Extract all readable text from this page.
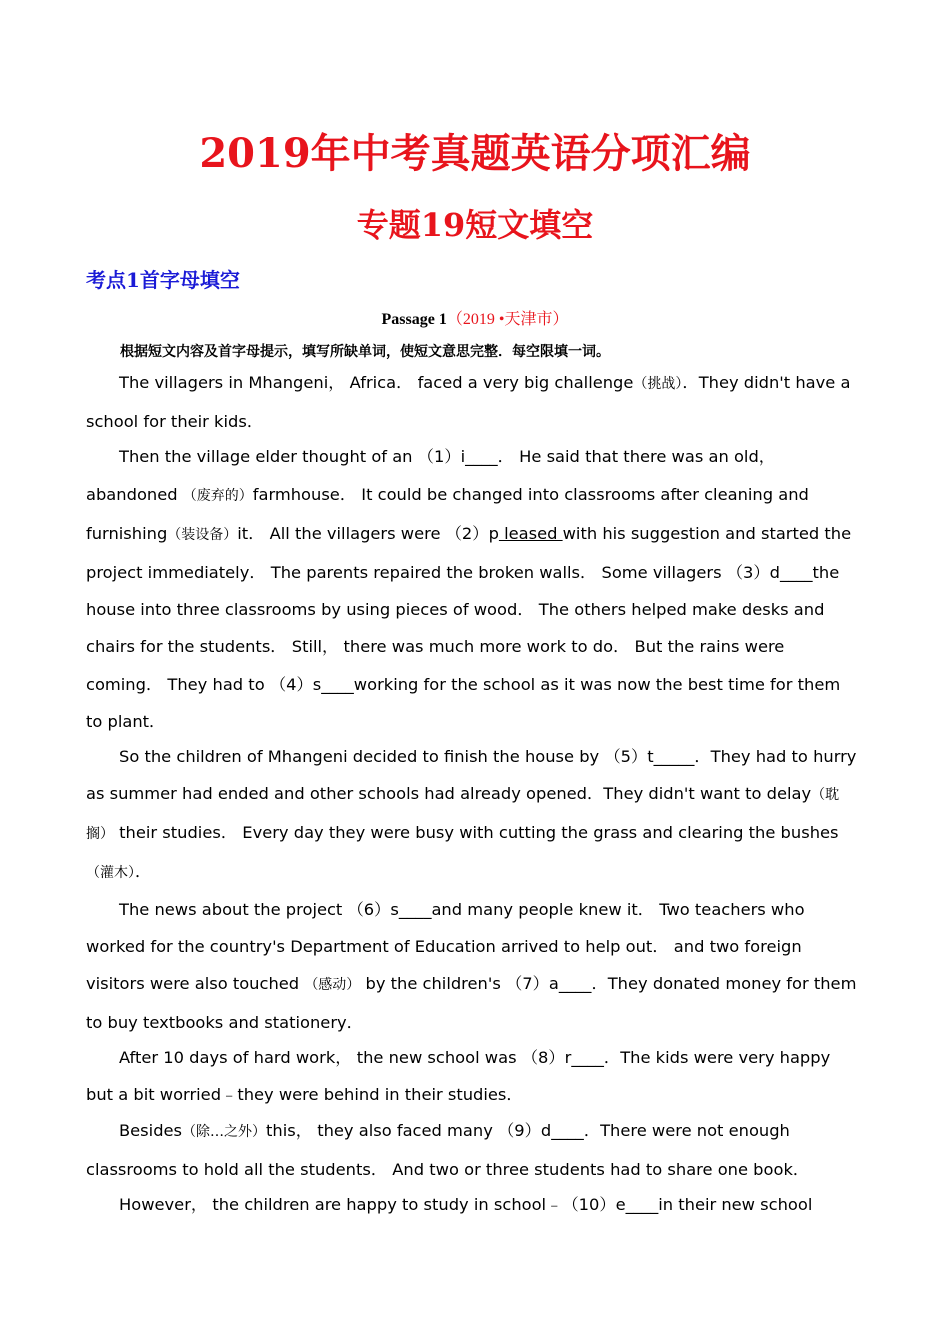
2019年中考真题英语分项汇编
专题19短文填空
考点1首字母填空
Passage 1（2019 •天津市）
根据短文内容及首字母提示，填写所缺单词，使短文意思完整．每空限填一词。

The villagers in Mhangeni， Africa． faced a very big challenge（挑战）．They didn't have a school for their kids．

Then the village elder thought of an （1）i____． He said that there was an old，abandoned （废弃的）farmhouse． It could be changed into classrooms after cleaning and furnishing（装设备）it． All the villagers were （2）p leased with his suggestion and started the project immediately． The parents repaired the broken walls． Some villagers （3）d____the house into three classrooms by using pieces of wood． The others helped make desks and chairs for the students． Still， there was much more work to do． But the rains were coming． They had to （4）s____working for the school as it was now the best time for them to plant．

So the children of Mhangeni decided to finish the house by （5）t_____．They had to hurry as summer had ended and other schools had already opened．They didn't want to delay（耽搁） their studies． Every day they were busy with cutting the grass and clearing the bushes（灌木）．

The news about the project （6）s____and many people knew it． Two teachers who worked for the country's Department of Education arrived to help out． and two foreign visitors were also touched （感动） by the children's （7）a____．They donated money for them to buy textbooks and stationery．

After 10 days of hard work， the new school was （8）r____．The kids were very happy but a bit worried﹣they were behind in their studies．

Besides（除…之外）this， they also faced many （9）d____．There were not enough classrooms to hold all the students． And two or three students had to share one book．

However， the children are happy to study in school﹣（10）e____in their new school
